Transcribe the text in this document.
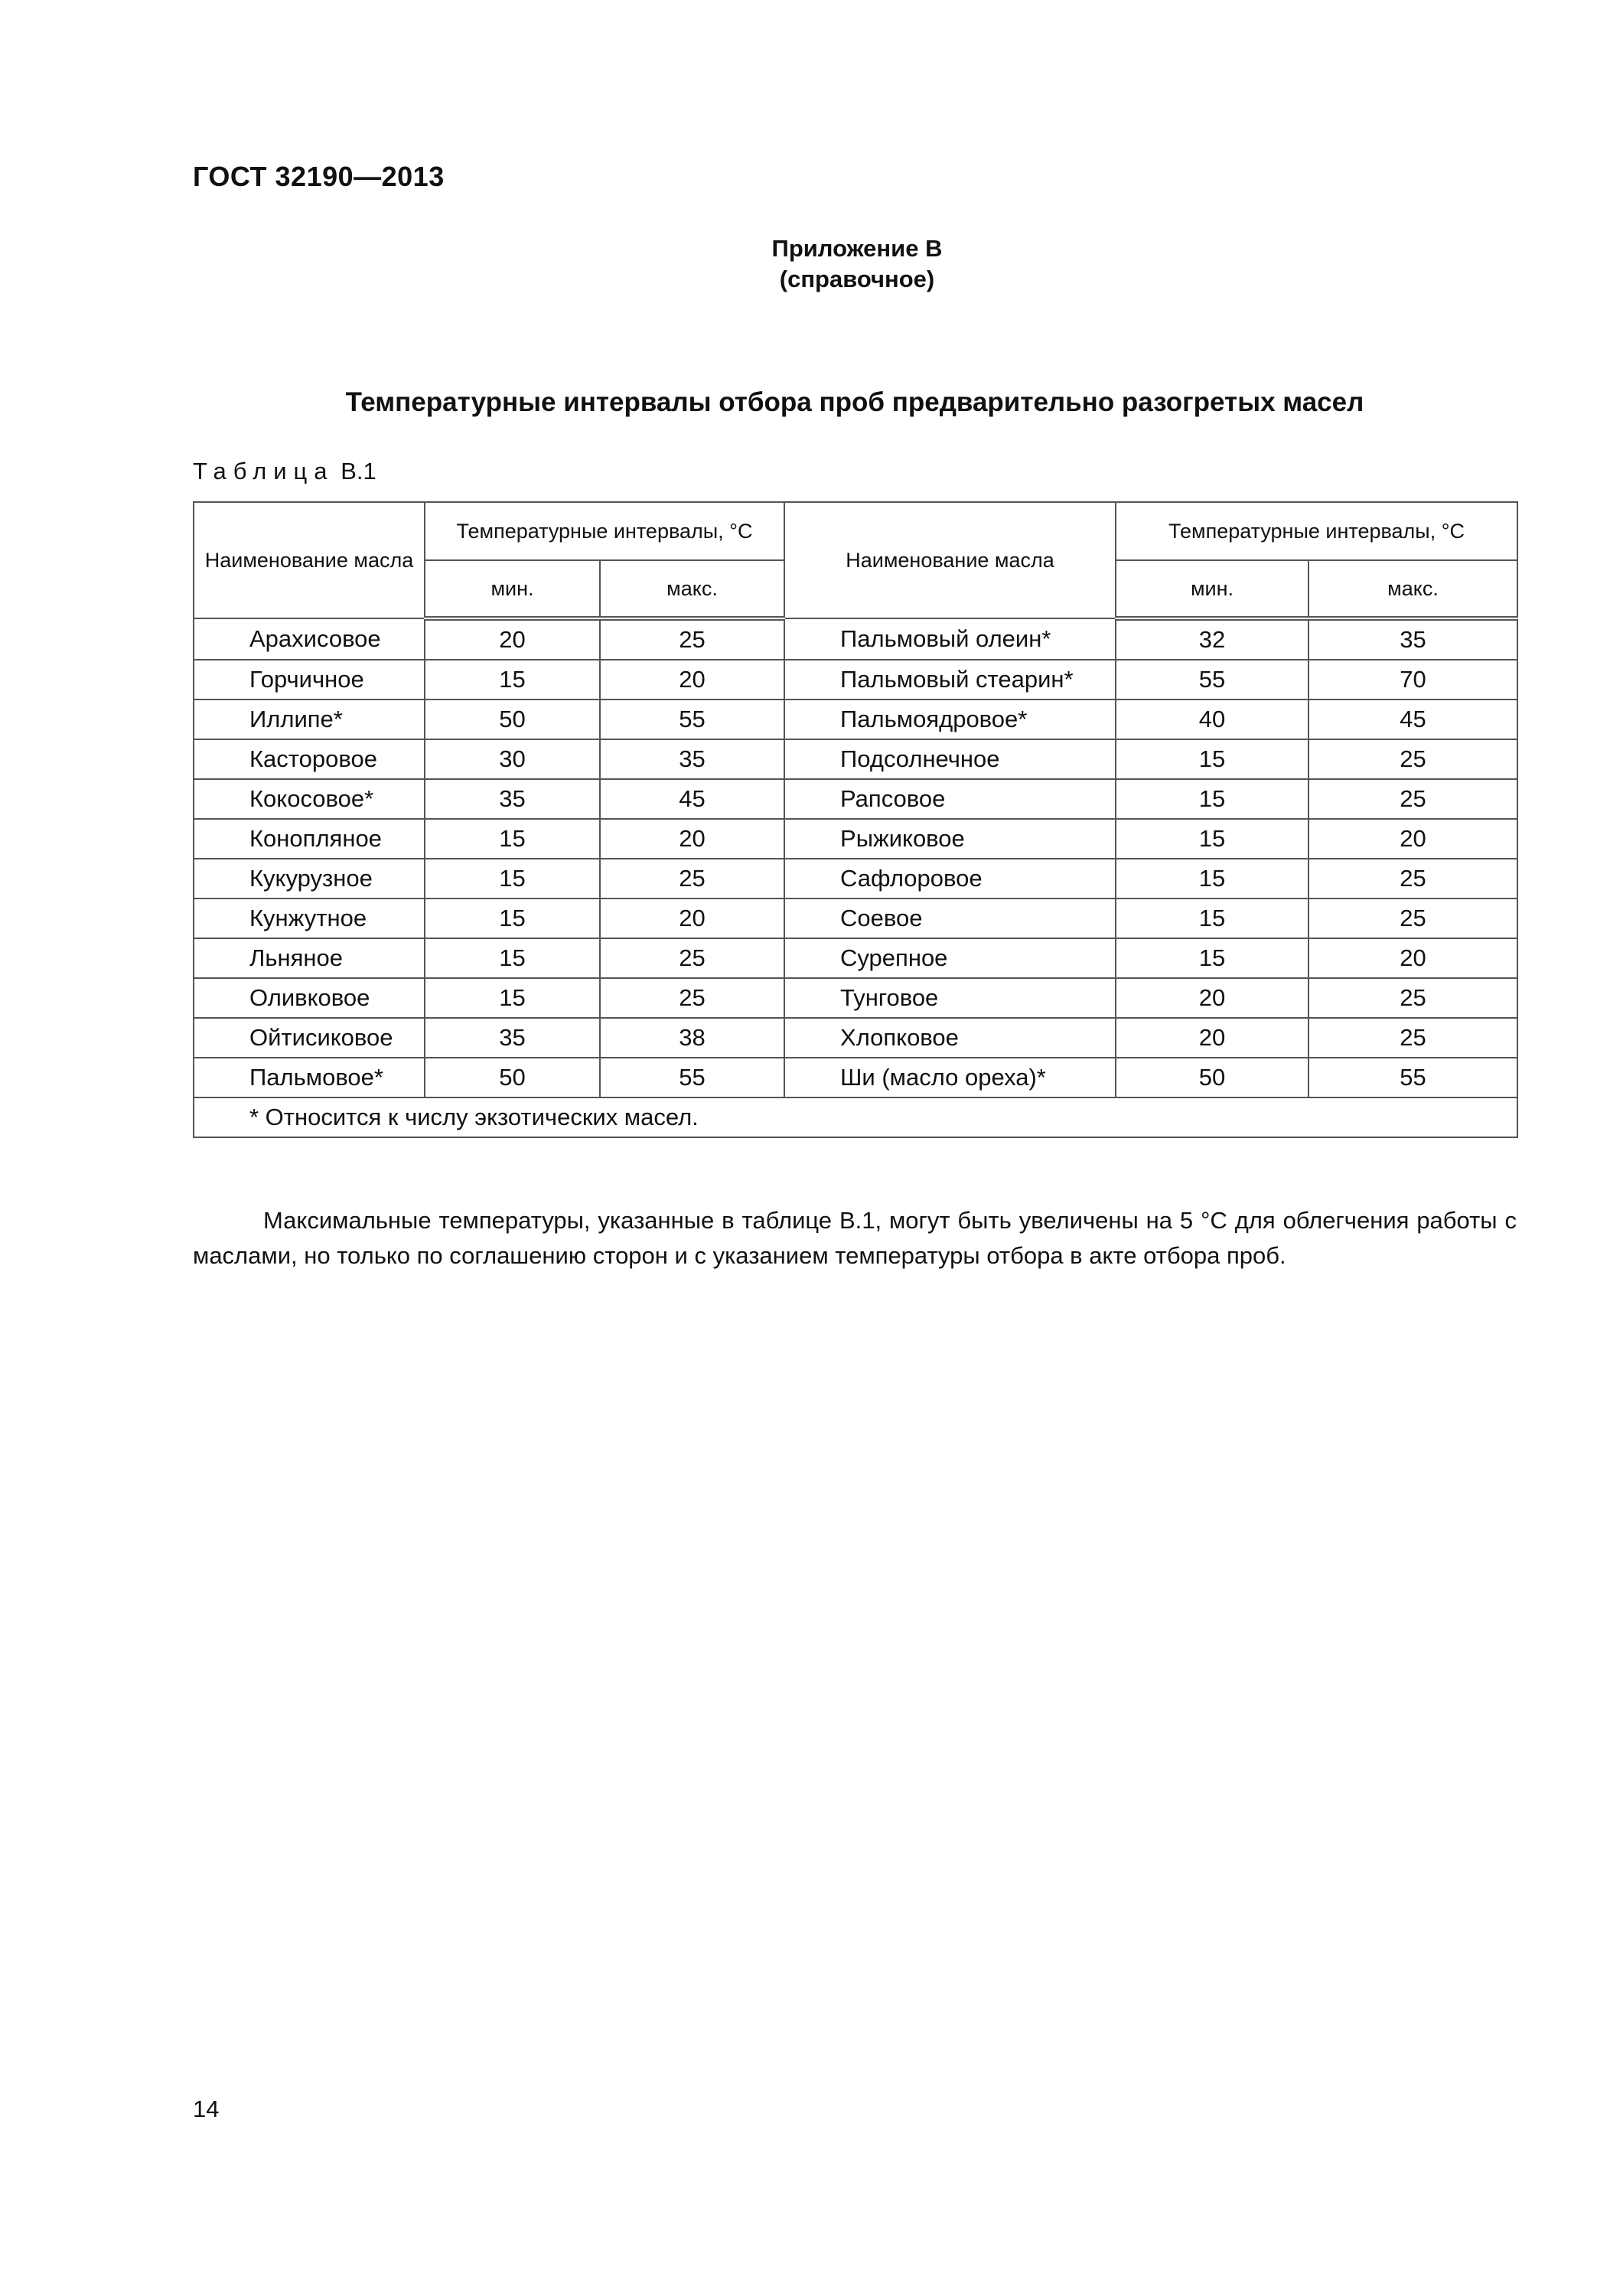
ГОСТ 32190—2013
Приложение В
(справочное)
Температурные интервалы отбора проб предварительно разогретых масел
Таблица В.1
Наименование масла	Температурные интервалы, °С		Наименование масла	Температурные интервалы, °С	
	мин.	макс.		мин.	макс.
Арахисовое	20	25	Пальмовый олеин*	32	35
Горчичное	15	20	Пальмовый стеарин*	55	70
Иллипе*	50	55	Пальмоядровое*	40	45
Касторовое	30	35	Подсолнечное	15	25
Кокосовое*	35	45	Рапсовое	15	25
Конопляное	15	20	Рыжиковое	15	20
Кукурузное	15	25	Сафлоровое	15	25
Кунжутное	15	20	Соевое	15	25
Льняное	15	25	Сурепное	15	20
Оливковое	15	25	Тунговое	20	25
Ойтисиковое	35	38	Хлопковое	20	25
Пальмовое*	50	55	Ши (масло ореха)*	50	55
* Относится к числу экзотических масел.					
Максимальные температуры, указанные в таблице В.1, могут быть увеличены на 5 °С для облегчения работы с маслами, но только по соглашению сторон и с указанием температуры отбора в акте отбора проб.
14
